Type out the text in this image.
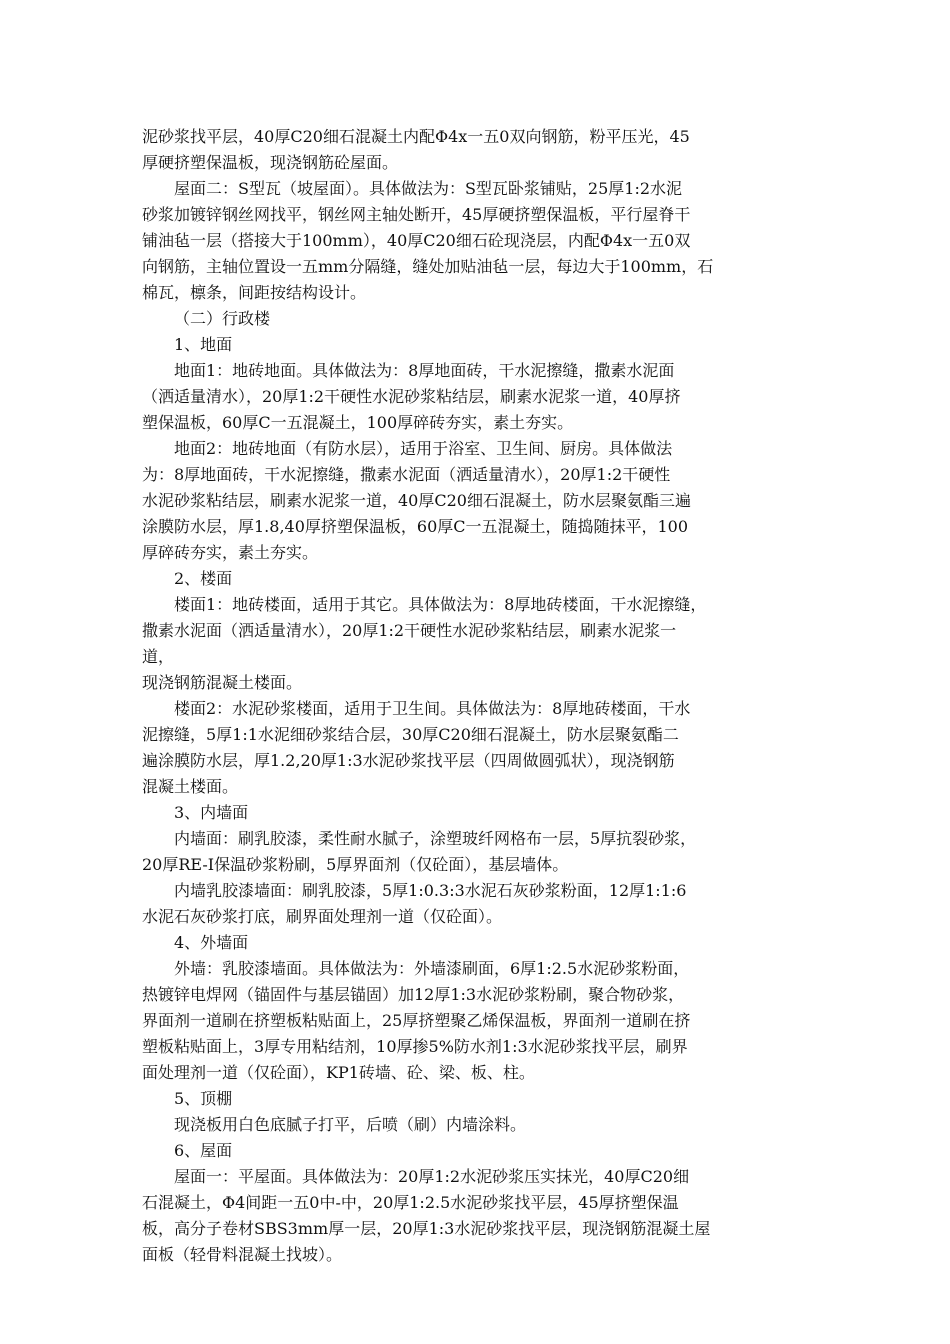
泥砂浆找平层，40厚C20细石混凝土内配Φ4x一五0双向钢筋，粉平压光，45
厚硬挤塑保温板，现浇钢筋砼屋面。
屋面二：S型瓦（坡屋面）。具体做法为：S型瓦卧浆铺贴，25厚1:2水泥
砂浆加镀锌钢丝网找平，钢丝网主轴处断开，45厚硬挤塑保温板，平行屋脊干
铺油毡一层（搭接大于100mm），40厚C20细石砼现浇层，内配Φ4x一五0双
向钢筋，主轴位置设一五mm分隔缝，缝处加贴油毡一层，每边大于100mm，石
棉瓦，檩条，间距按结构设计。
（二）行政楼
1、地面
地面1：地砖地面。具体做法为：8厚地面砖，干水泥擦缝，撒素水泥面
（洒适量清水），20厚1:2干硬性水泥砂浆粘结层，刷素水泥浆一道，40厚挤
塑保温板，60厚C一五混凝土，100厚碎砖夯实，素土夯实。
地面2：地砖地面（有防水层），适用于浴室、卫生间、厨房。具体做法
为：8厚地面砖，干水泥擦缝，撒素水泥面（洒适量清水），20厚1:2干硬性
水泥砂浆粘结层，刷素水泥浆一道，40厚C20细石混凝土，防水层聚氨酯三遍
涂膜防水层，厚1.8,40厚挤塑保温板，60厚C一五混凝土，随捣随抹平，100
厚碎砖夯实，素土夯实。
2、楼面
楼面1：地砖楼面，适用于其它。具体做法为：8厚地砖楼面，干水泥擦缝，
撒素水泥面（洒适量清水），20厚1:2干硬性水泥砂浆粘结层，刷素水泥浆一
道，
现浇钢筋混凝土楼面。
楼面2：水泥砂浆楼面，适用于卫生间。具体做法为：8厚地砖楼面，干水
泥擦缝，5厚1:1水泥细砂浆结合层，30厚C20细石混凝土，防水层聚氨酯二
遍涂膜防水层，厚1.2,20厚1:3水泥砂浆找平层（四周做圆弧状），现浇钢筋
混凝土楼面。
3、内墙面
内墙面：刷乳胶漆，柔性耐水腻子，涂塑玻纤网格布一层，5厚抗裂砂浆，
20厚RE-I保温砂浆粉刷，5厚界面剂（仅砼面），基层墙体。
内墙乳胶漆墙面：刷乳胶漆，5厚1:0.3:3水泥石灰砂浆粉面，12厚1:1:6
水泥石灰砂浆打底，刷界面处理剂一道（仅砼面）。
4、外墙面
外墙：乳胶漆墙面。具体做法为：外墙漆刷面，6厚1:2.5水泥砂浆粉面，
热镀锌电焊网（锚固件与基层锚固）加12厚1:3水泥砂浆粉刷，聚合物砂浆，
界面剂一道刷在挤塑板粘贴面上，25厚挤塑聚乙烯保温板，界面剂一道刷在挤
塑板粘贴面上，3厚专用粘结剂，10厚掺5%防水剂1:3水泥砂浆找平层，刷界
面处理剂一道（仅砼面），KP1砖墙、砼、梁、板、柱。
5、顶棚
现浇板用白色底腻子打平，后喷（刷）内墙涂料。
6、屋面
屋面一：平屋面。具体做法为：20厚1:2水泥砂浆压实抹光，40厚C20细
石混凝土，Φ4间距一五0中-中，20厚1:2.5水泥砂浆找平层，45厚挤塑保温
板，高分子卷材SBS3mm厚一层，20厚1:3水泥砂浆找平层，现浇钢筋混凝土屋
面板（轻骨料混凝土找坡）。
